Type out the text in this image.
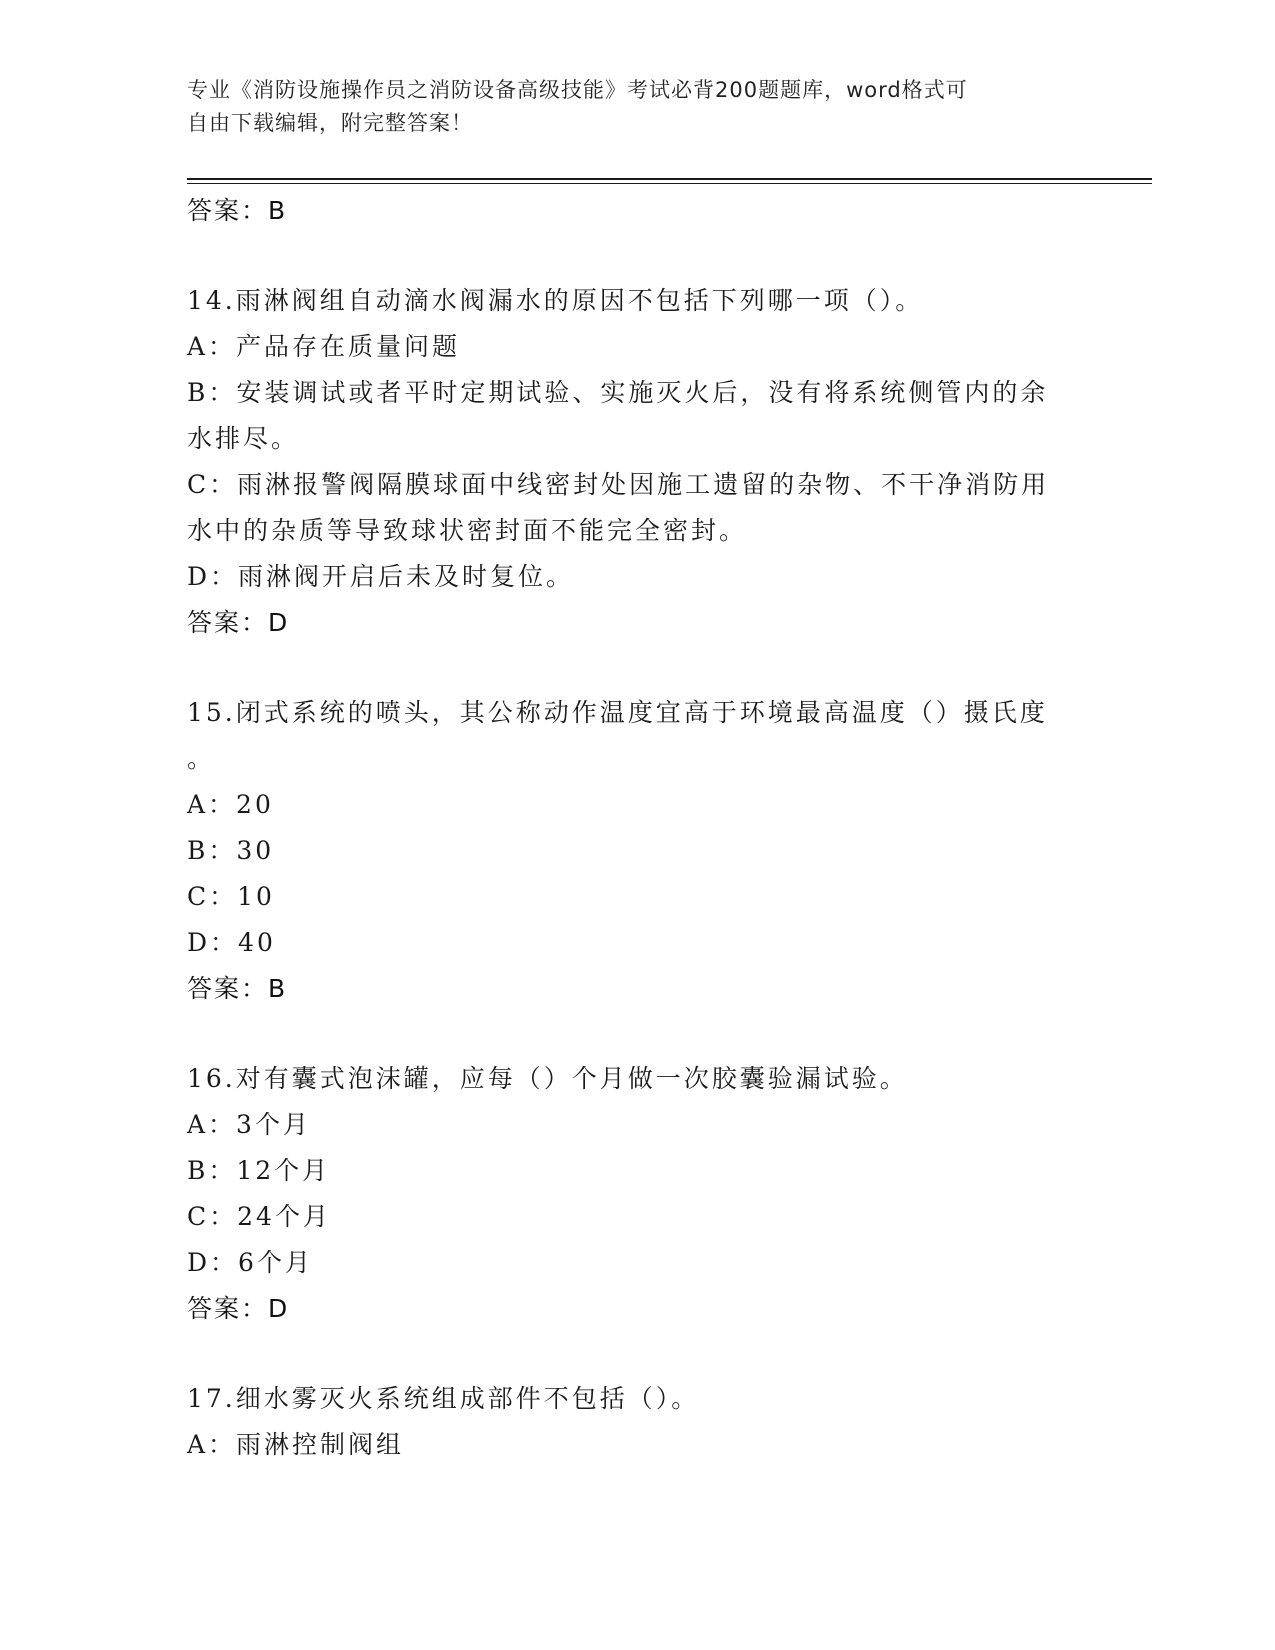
专业《消防设施操作员之消防设备高级技能》考试必背200题题库，word格式可
自由下载编辑，附完整答案！
答案：B
14.雨淋阀组自动滴水阀漏水的原因不包括下列哪一项（）。
A：产品存在质量问题
B：安装调试或者平时定期试验、实施灭火后，没有将系统侧管内的余
水排尽。
C：雨淋报警阀隔膜球面中线密封处因施工遗留的杂物、不干净消防用
水中的杂质等导致球状密封面不能完全密封。
D：雨淋阀开启后未及时复位。
答案：D
15.闭式系统的喷头，其公称动作温度宜高于环境最高温度（）摄氏度
。
A：20
B：30
C：10
D：40
答案：B
16.对有囊式泡沫罐，应每（）个月做一次胶囊验漏试验。
A：3个月
B：12个月
C：24个月
D：6个月
答案：D
17.细水雾灭火系统组成部件不包括（）。
A：雨淋控制阀组
